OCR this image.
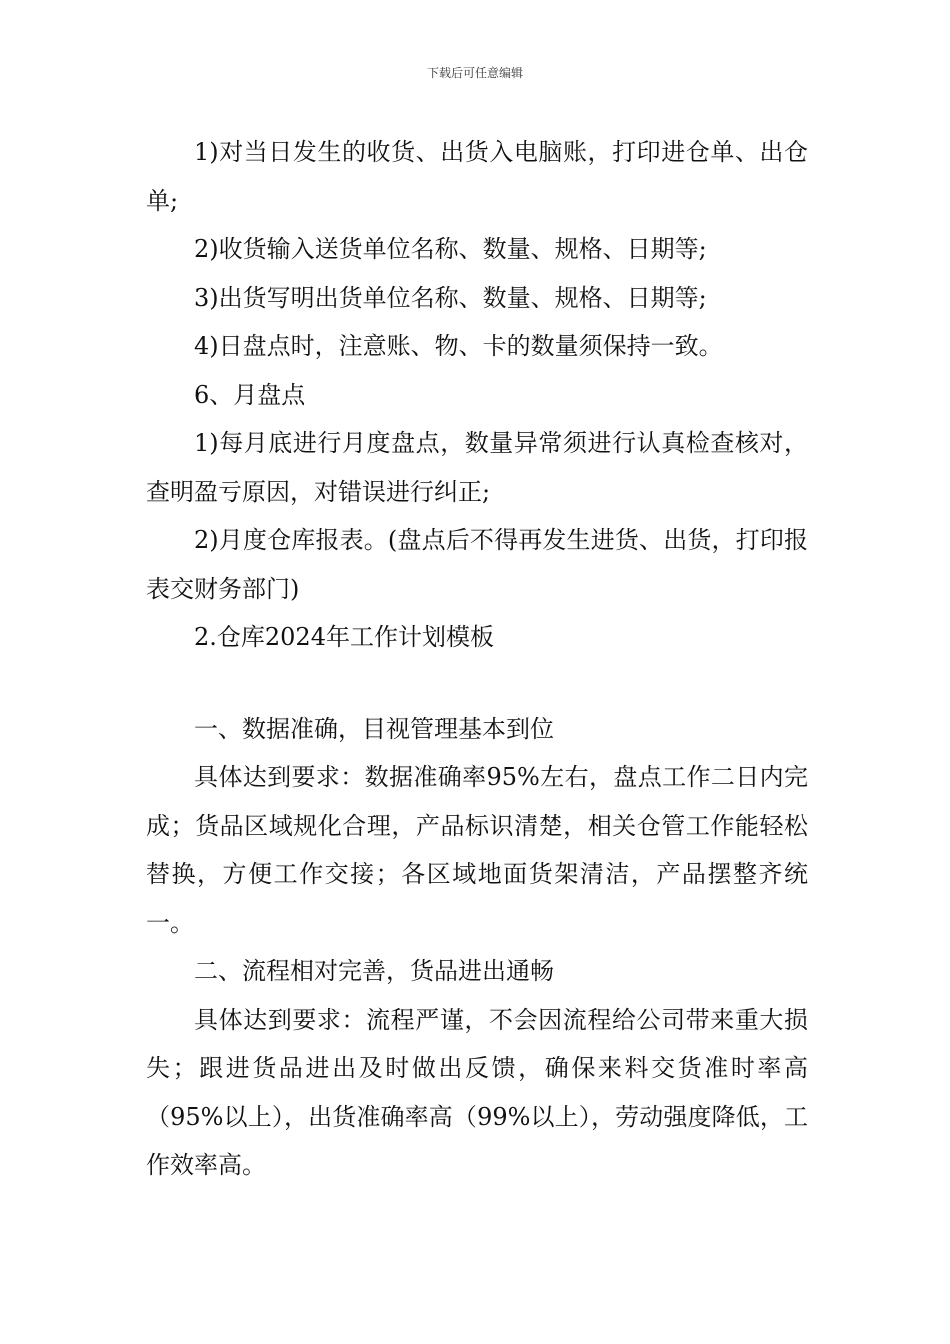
下载后可任意编辑

1)对当日发生的收货、出货入电脑账，打印进仓单、出仓单;

2)收货输入送货单位名称、数量、规格、日期等;

3)出货写明出货单位名称、数量、规格、日期等;

4)日盘点时，注意账、物、卡的数量须保持一致。

6、月盘点

1)每月底进行月度盘点，数量异常须进行认真检查核对，查明盈亏原因，对错误进行纠正;

2)月度仓库报表。(盘点后不得再发生进货、出货，打印报表交财务部门)

2.仓库2024年工作计划模板

一、数据准确，目视管理基本到位

具体达到要求：数据准确率95%左右，盘点工作二日内完成；货品区域规化合理，产品标识清楚，相关仓管工作能轻松替换，方便工作交接；各区域地面货架清洁，产品摆整齐统一。

二、流程相对完善，货品进出通畅

具体达到要求：流程严谨，不会因流程给公司带来重大损失；跟进货品进出及时做出反馈，确保来料交货准时率高（95%以上），出货准确率高（99%以上），劳动强度降低，工作效率高。
